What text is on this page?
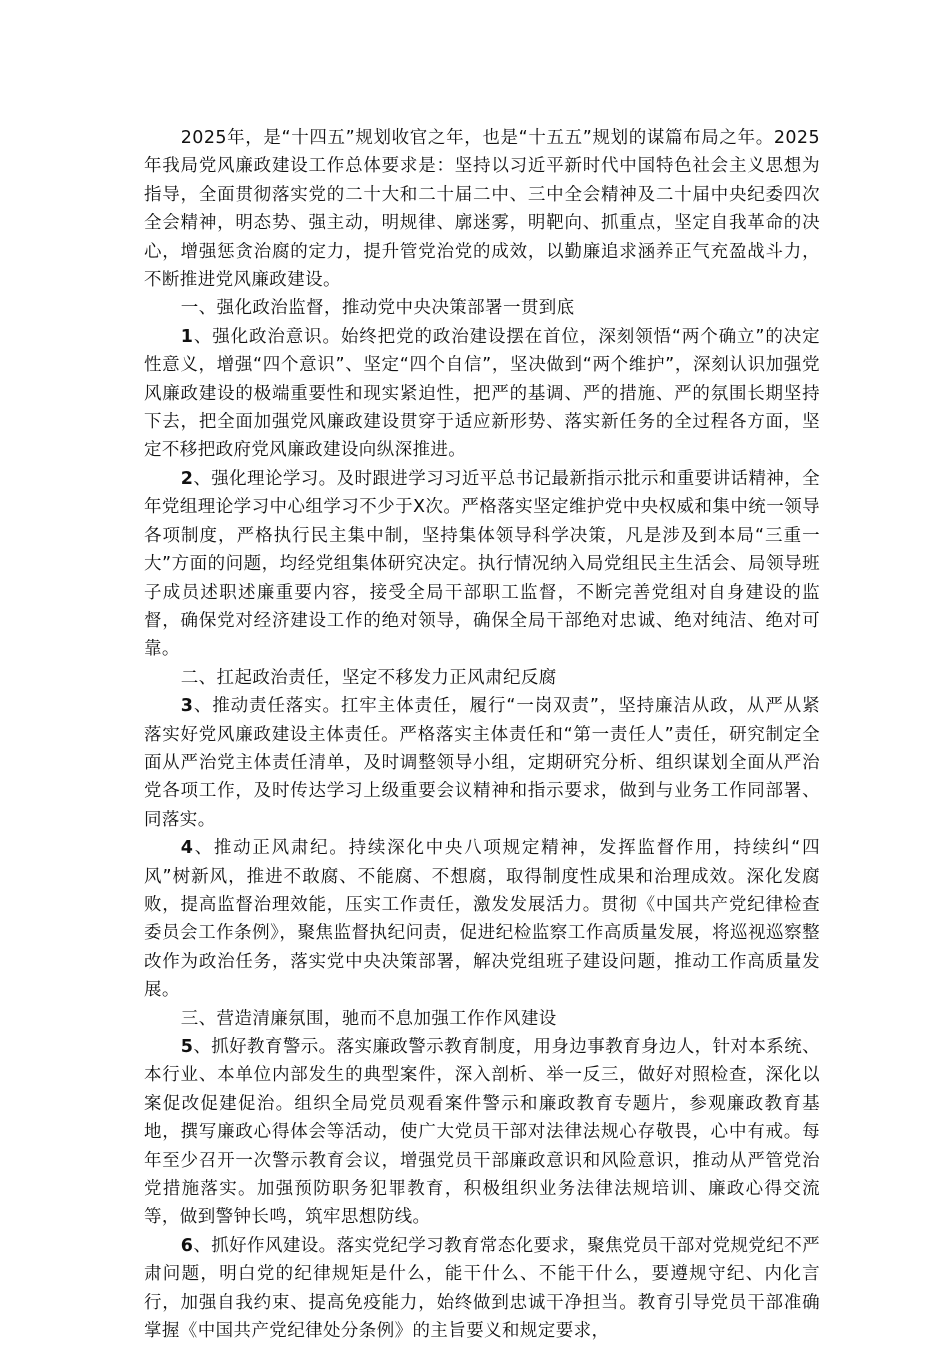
2025年，是“十四五”规划收官之年，也是“十五五”规划的谋篇布局之年。2025年我局党风廉政建设工作总体要求是：坚持以习近平新时代中国特色社会主义思想为指导，全面贯彻落实党的二十大和二十届二中、三中全会精神及二十届中央纪委四次全会精神，明态势、强主动，明规律、廓迷雾，明靶向、抓重点，坚定自我革命的决心，增强惩贪治腐的定力，提升管党治党的成效，以勤廉追求涵养正气充盈战斗力，不断推进党风廉政建设。

一、强化政治监督，推动党中央决策部署一贯到底

1、强化政治意识。始终把党的政治建设摆在首位，深刻领悟“两个确立”的决定性意义，增强“四个意识”、坚定“四个自信”，坚决做到“两个维护”，深刻认识加强党风廉政建设的极端重要性和现实紧迫性，把严的基调、严的措施、严的氛围长期坚持下去，把全面加强党风廉政建设贯穿于适应新形势、落实新任务的全过程各方面，坚定不移把政府党风廉政建设向纵深推进。

2、强化理论学习。及时跟进学习习近平总书记最新指示批示和重要讲话精神，全年党组理论学习中心组学习不少于X次。严格落实坚定维护党中央权威和集中统一领导各项制度，严格执行民主集中制，坚持集体领导科学决策，凡是涉及到本局“三重一大”方面的问题，均经党组集体研究决定。执行情况纳入局党组民主生活会、局领导班子成员述职述廉重要内容，接受全局干部职工监督，不断完善党组对自身建设的监督，确保党对经济建设工作的绝对领导，确保全局干部绝对忠诚、绝对纯洁、绝对可靠。

二、扛起政治责任，坚定不移发力正风肃纪反腐

3、推动责任落实。扛牢主体责任，履行“一岗双责”，坚持廉洁从政，从严从紧落实好党风廉政建设主体责任。严格落实主体责任和“第一责任人”责任，研究制定全面从严治党主体责任清单，及时调整领导小组，定期研究分析、组织谋划全面从严治党各项工作，及时传达学习上级重要会议精神和指示要求，做到与业务工作同部署、同落实。

4、推动正风肃纪。持续深化中央八项规定精神，发挥监督作用，持续纠“四风”树新风，推进不敢腐、不能腐、不想腐，取得制度性成果和治理成效。深化发腐败，提高监督治理效能，压实工作责任，激发发展活力。贯彻《中国共产党纪律检查委员会工作条例》，聚焦监督执纪问责，促进纪检监察工作高质量发展，将巡视巡察整改作为政治任务，落实党中央决策部署，解决党组班子建设问题，推动工作高质量发展。

三、营造清廉氛围，驰而不息加强工作作风建设

5、抓好教育警示。落实廉政警示教育制度，用身边事教育身边人，针对本系统、本行业、本单位内部发生的典型案件，深入剖析、举一反三，做好对照检查，深化以案促改促建促治。组织全局党员观看案件警示和廉政教育专题片，参观廉政教育基地，撰写廉政心得体会等活动，使广大党员干部对法律法规心存敬畏，心中有戒。每年至少召开一次警示教育会议，增强党员干部廉政意识和风险意识，推动从严管党治党措施落实。加强预防职务犯罪教育，积极组织业务法律法规培训、廉政心得交流等，做到警钟长鸣，筑牢思想防线。

6、抓好作风建设。落实党纪学习教育常态化要求，聚焦党员干部对党规党纪不严肃问题，明白党的纪律规矩是什么，能干什么、不能干什么，要遵规守纪、内化言行，加强自我约束、提高免疫能力，始终做到忠诚干净担当。教育引导党员干部准确掌握《中国共产党纪律处分条例》的主旨要义和规定要求，
